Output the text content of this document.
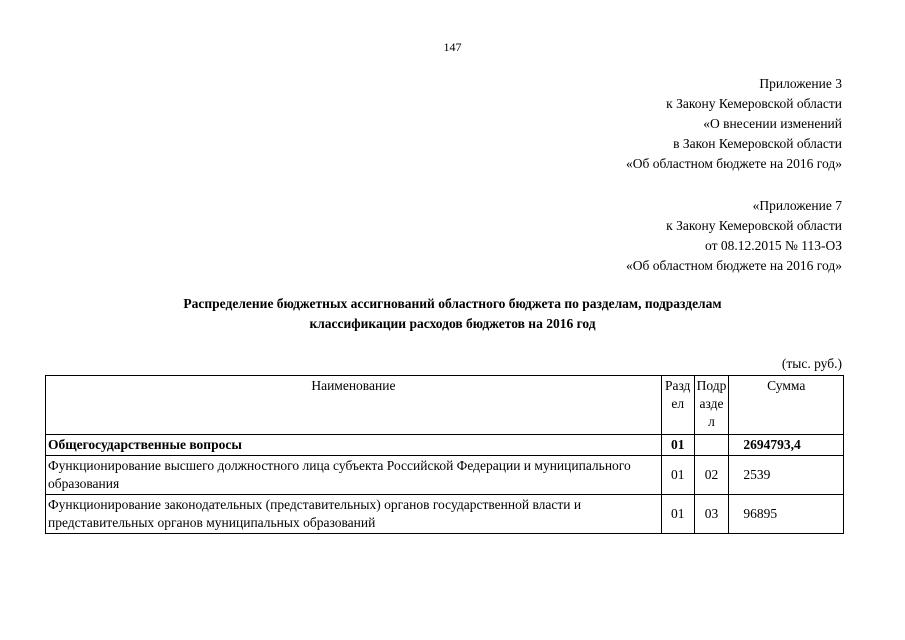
147
Приложение 3
к Закону Кемеровской области
«О внесении изменений
в Закон Кемеровской области
«Об областном бюджете на 2016 год»
«Приложение 7
к Закону Кемеровской области
от 08.12.2015 № 113-ОЗ
«Об областном бюджете на 2016 год»
Распределение бюджетных ассигнований областного бюджета по разделам, подразделам
классификации расходов бюджетов на 2016 год
(тыс. руб.)
Наименование	Раздел	Подраздел	Сумма
Общегосударственные вопросы	01		2694793,4
Функционирование высшего должностного лица субъекта Российской Федерации и муниципального образования	01	02	2539
Функционирование законодательных (представительных) органов государственной власти и представительных органов муниципальных образований	01	03	96895
